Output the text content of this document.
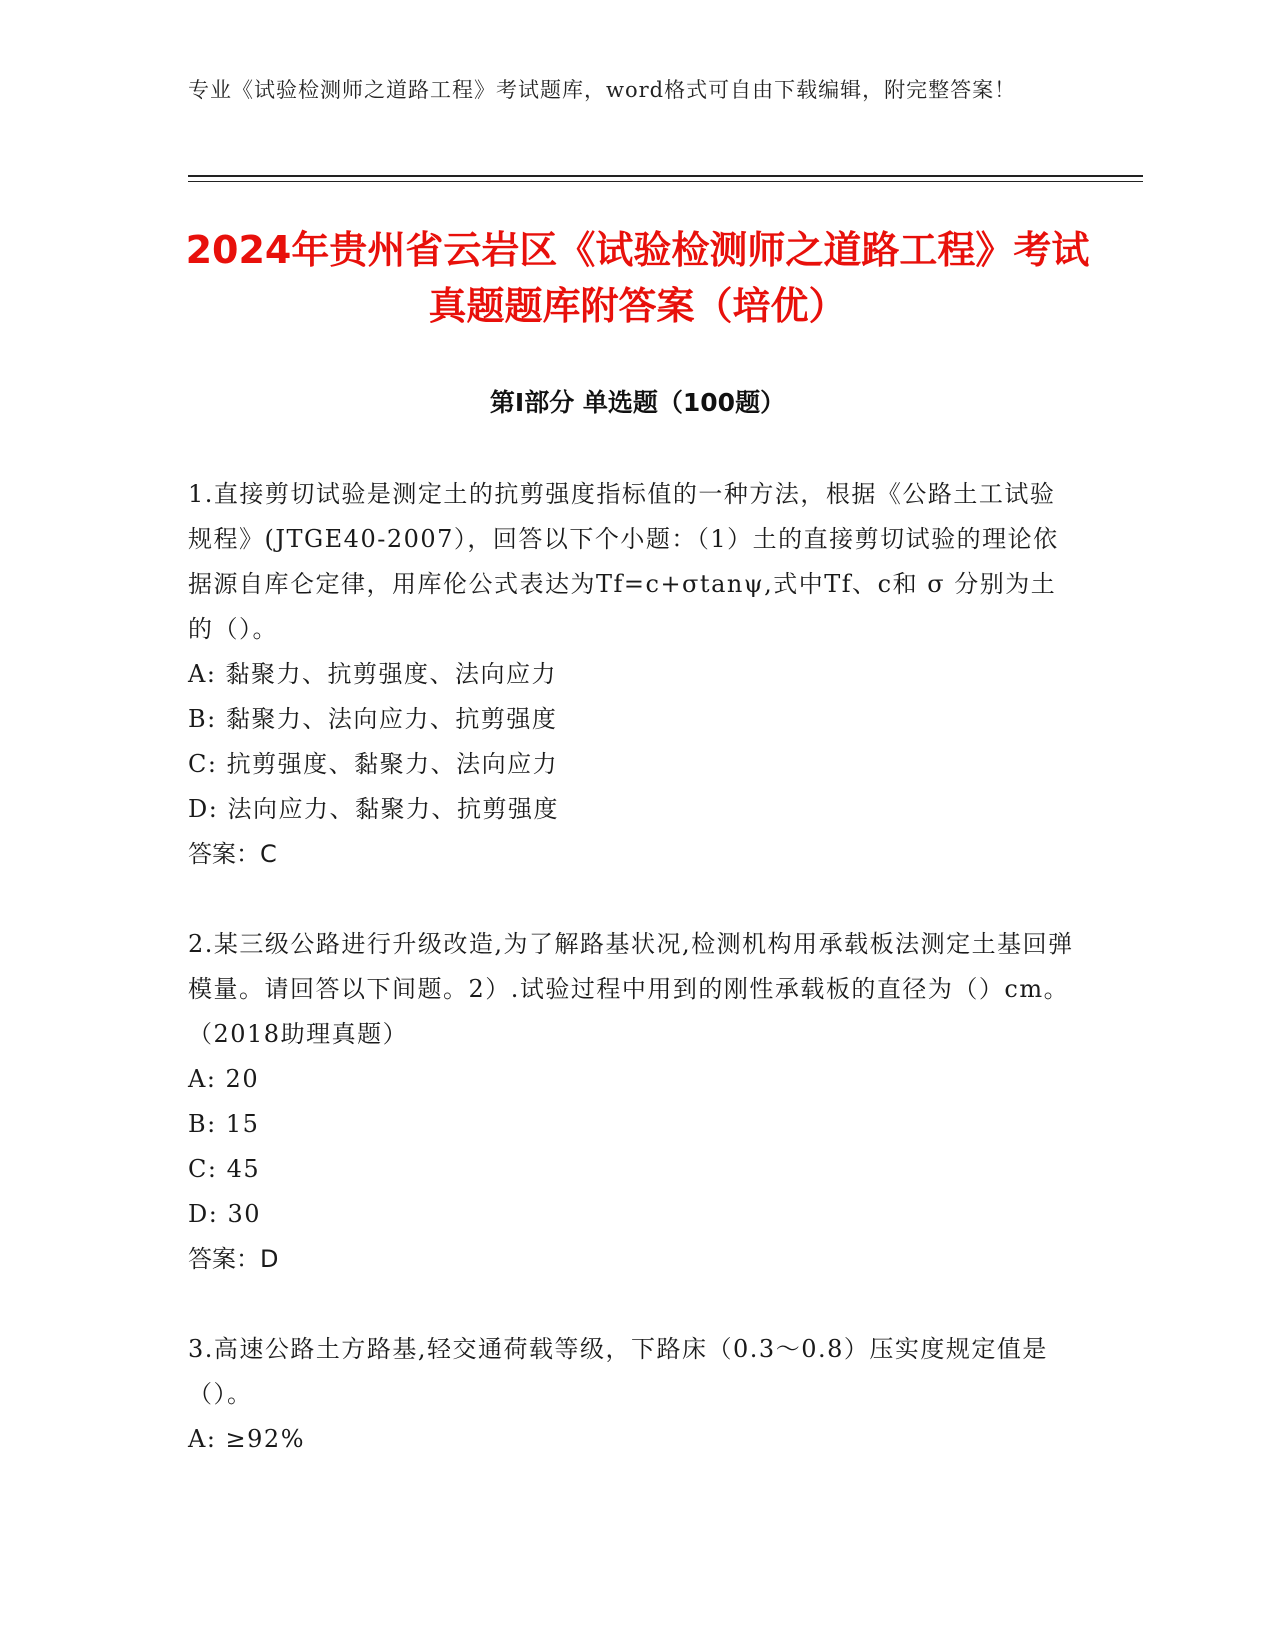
专业《试验检测师之道路工程》考试题库，word格式可自由下载编辑，附完整答案！
2024年贵州省云岩区《试验检测师之道路工程》考试真题题库附答案（培优）
第Ⅰ部分 单选题（100题）

1.直接剪切试验是测定土的抗剪强度指标值的一种方法，根据《公路土工试验规程》(JTGE40-2007），回答以下个小题：（1）土的直接剪切试验的理论依据源自库仑定律，用库伦公式表达为Tf=c+σtanψ,式中Tf、c和 σ 分别为土的（）。

A: 黏聚力、抗剪强度、法向应力

B: 黏聚力、法向应力、抗剪强度

C: 抗剪强度、黏聚力、法向应力

D: 法向应力、黏聚力、抗剪强度

答案：C

2.某三级公路进行升级改造,为了解路基状况,检测机构用承载板法测定土基回弹模量。请回答以下间题。2）.试验过程中用到的刚性承载板的直径为（）cm。（2018助理真题）

A: 20

B: 15

C: 45

D: 30

答案：D

3.高速公路土方路基,轻交通荷载等级，下路床（0.3～0.8）压实度规定值是（）。

A: ≥92%
